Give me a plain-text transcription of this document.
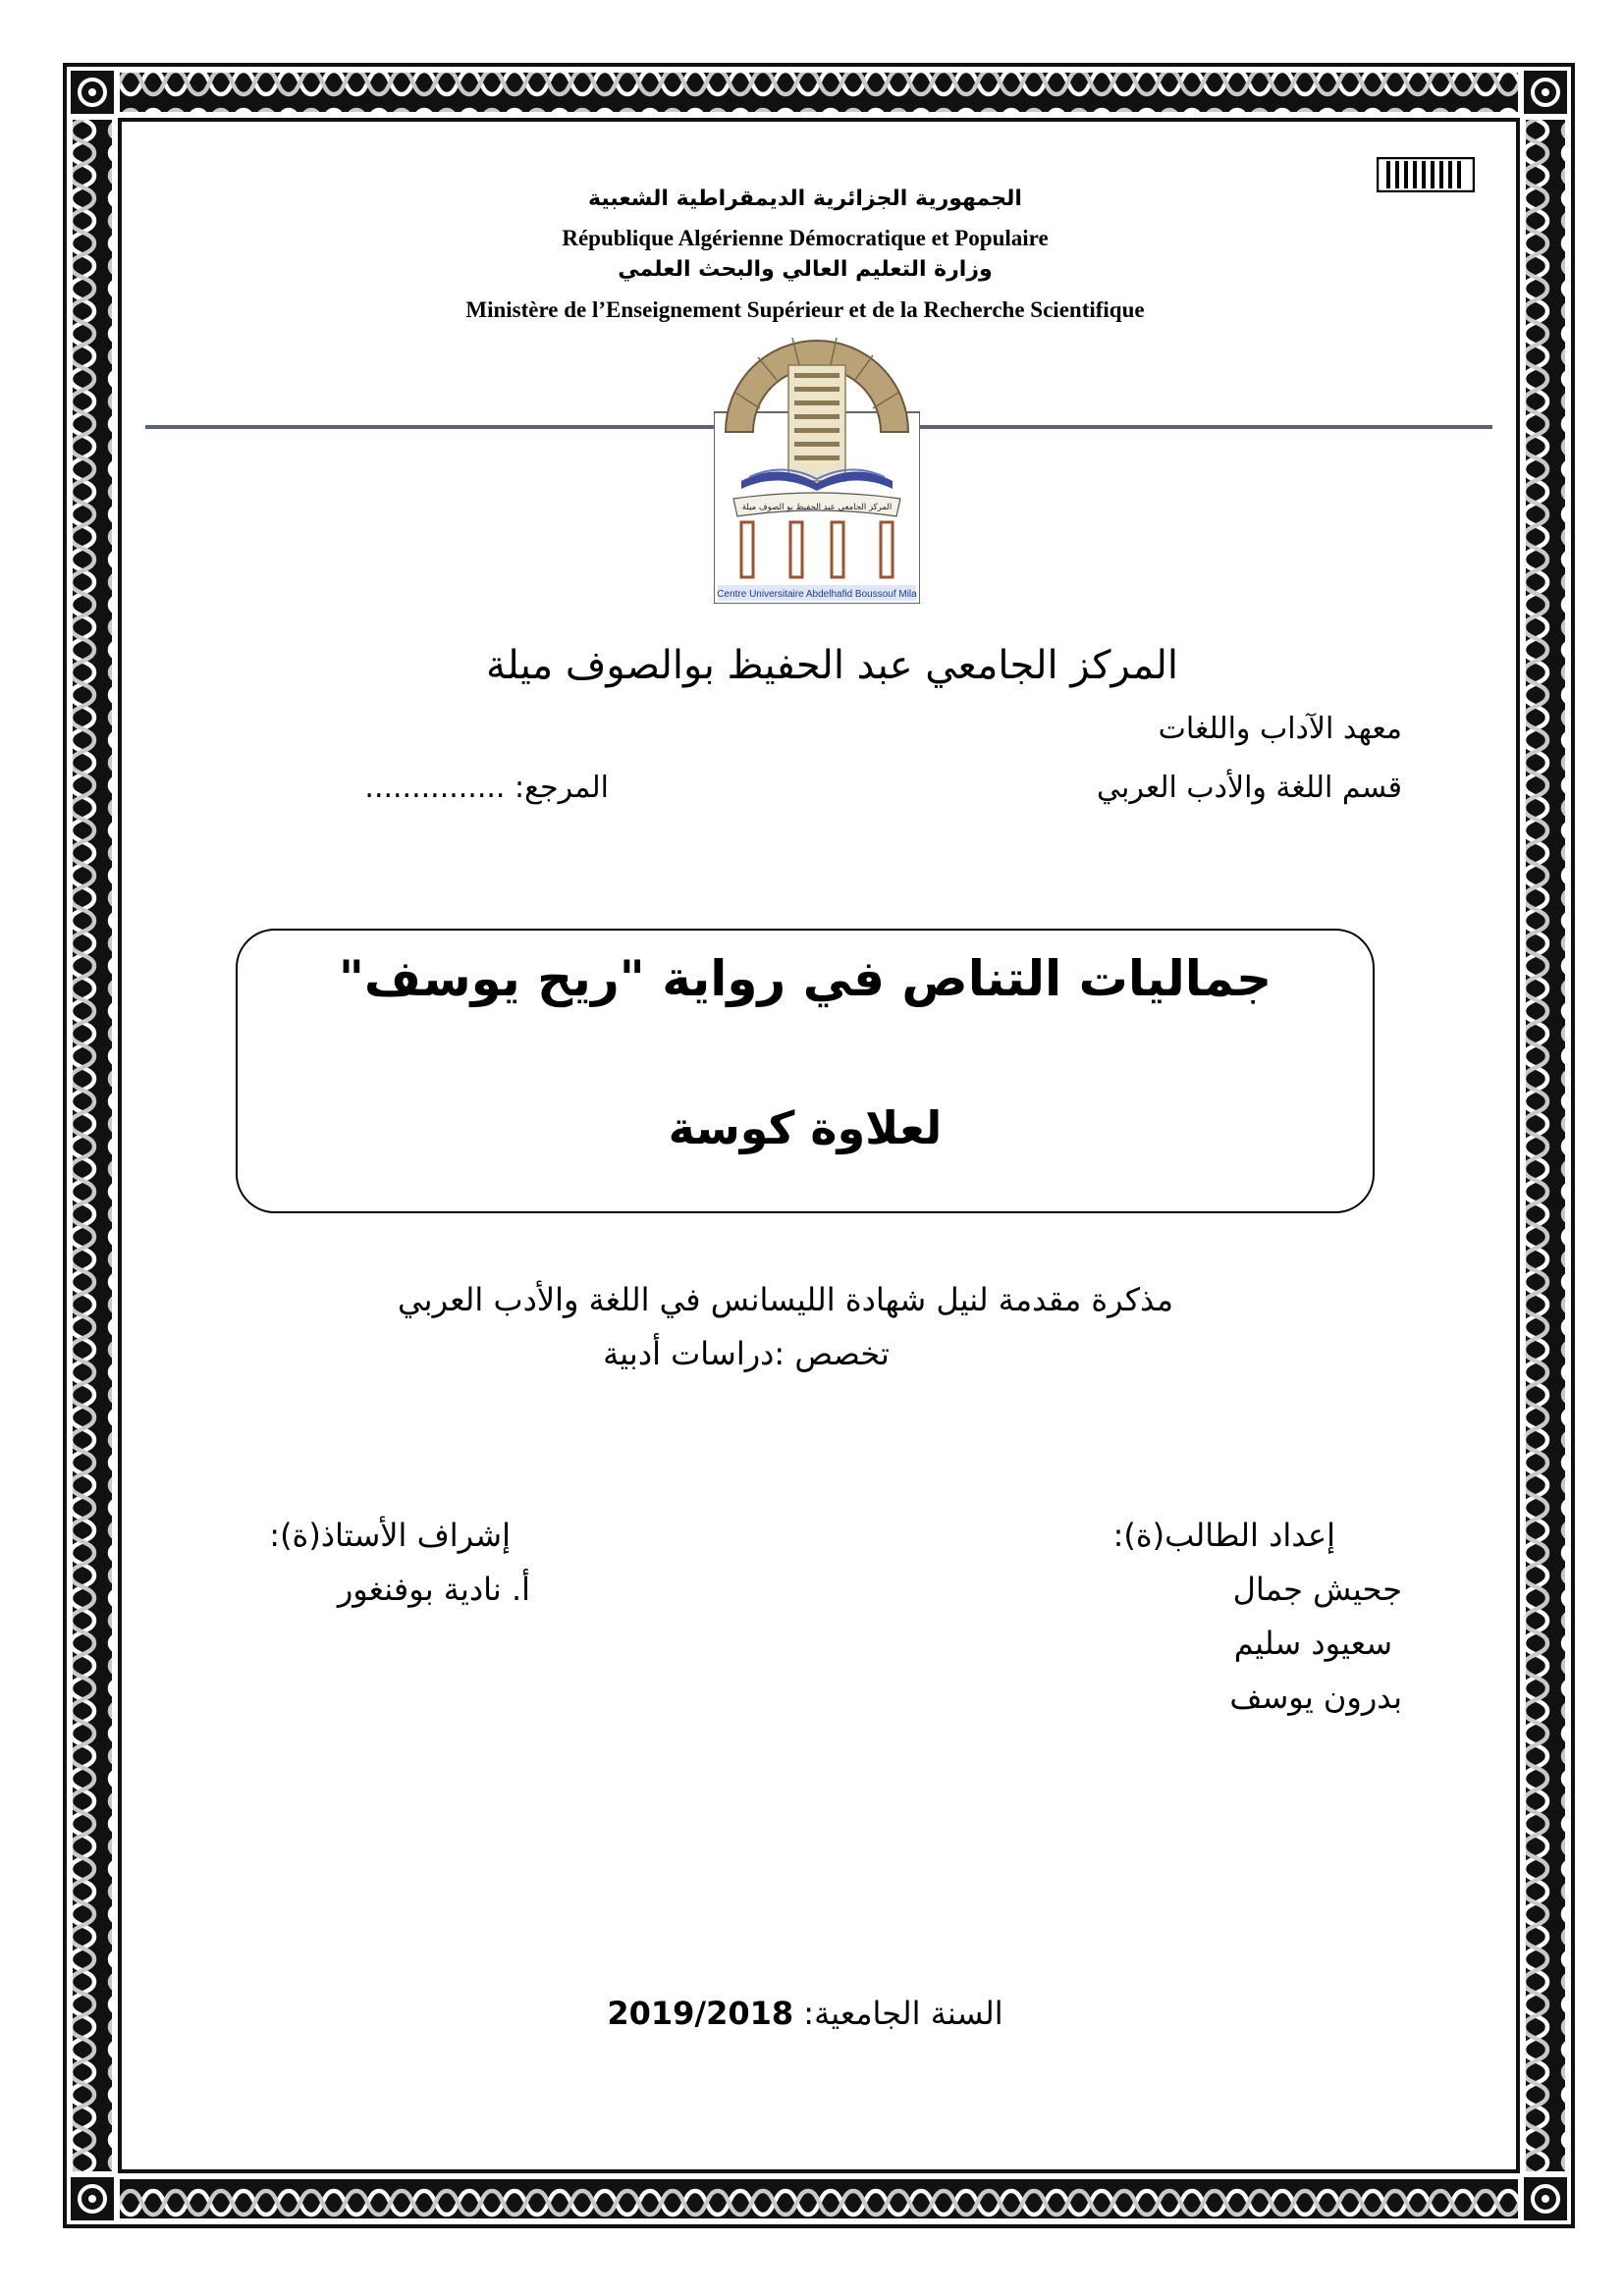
الجمهورية الجزائرية الديمقراطية الشعبية
République Algérienne Démocratique et Populaire
وزارة التعليم العالي والبحث العلمي
Ministère de l’Enseignement Supérieur et de la Recherche Scientifique
المركز الجامعي عبد الحفيظ بو الصوف ميلة
Centre Universitaire Abdelhafid Boussouf Mila
المركز الجامعي عبد الحفيظ بوالصوف ميلة
معهد الآداب واللغات
قسم اللغة والأدب العربي
المرجع: ...............
جماليات التناص في رواية "ريح يوسف"
لعلاوة كوسة
مذكرة مقدمة لنيل شهادة الليسانس في اللغة والأدب العربي
تخصص :دراسات أدبية
إعداد الطالب(ة):
جحيش جمال
سعيود سليم
بدرون يوسف
إشراف الأستاذ(ة):
أ. نادية بوفنغور
السنة الجامعية: 2019/2018
